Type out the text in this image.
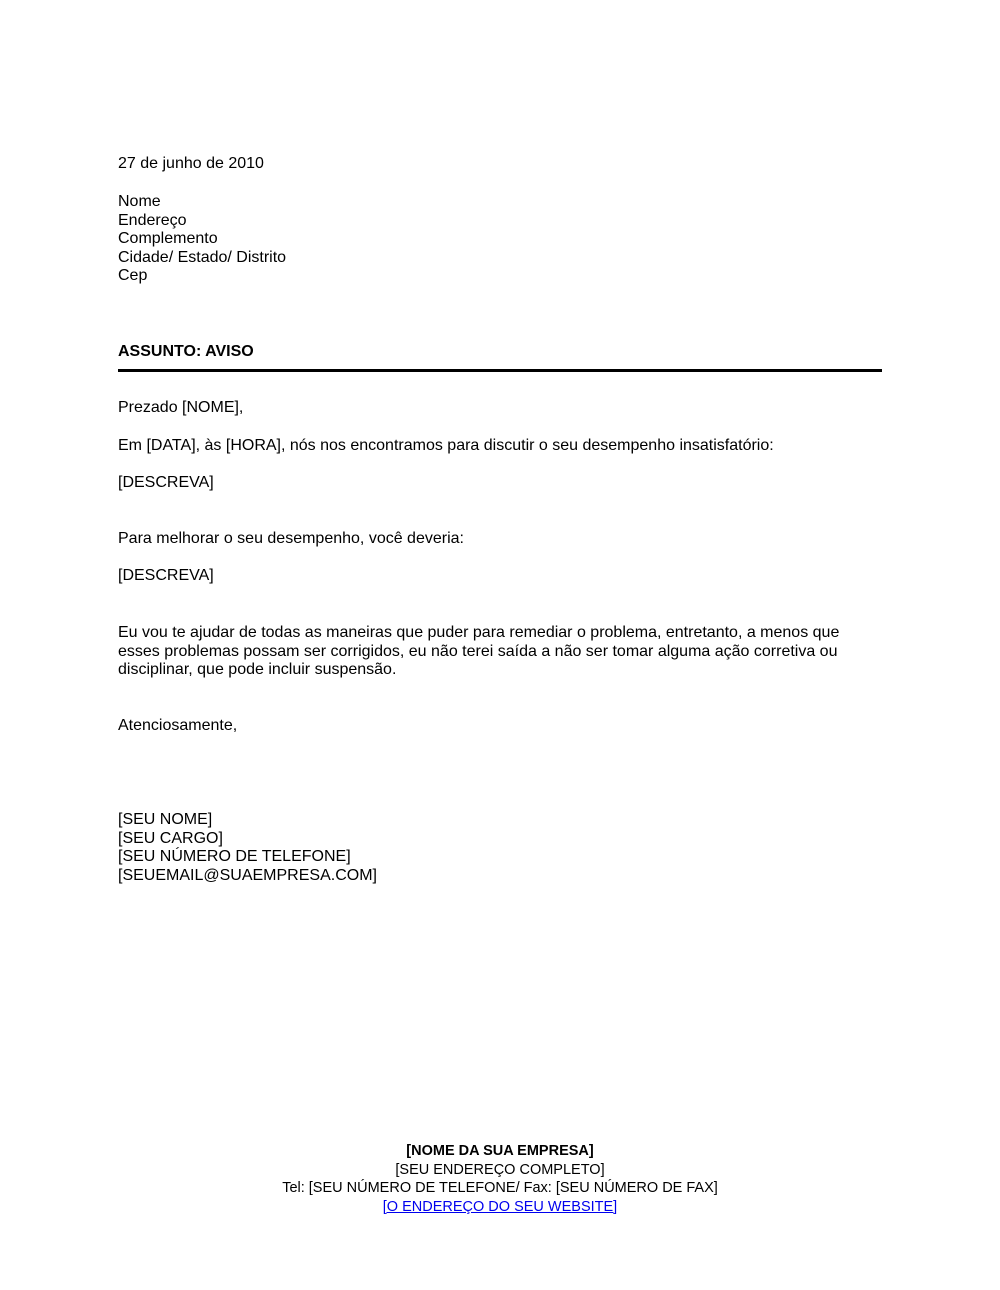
27 de junho de 2010
Nome
Endereço
Complemento
Cidade/ Estado/ Distrito
Cep
ASSUNTO: AVISO
Prezado [NOME],
Em [DATA], às [HORA], nós nos encontramos para discutir o seu desempenho insatisfatório:
[DESCREVA]
Para melhorar o seu desempenho, você deveria:
[DESCREVA]
Eu vou te ajudar de todas as maneiras que puder para remediar o problema, entretanto, a menos que
esses problemas possam ser corrigidos, eu não terei saída a não ser tomar alguma ação corretiva ou
disciplinar, que pode incluir suspensão.
Atenciosamente,
[SEU NOME]
[SEU CARGO]
[SEU NÚMERO DE TELEFONE]
[SEUEMAIL@SUAEMPRESA.COM]
[NOME DA SUA EMPRESA]
[SEU ENDEREÇO COMPLETO]
Tel: [SEU NÚMERO DE TELEFONE/ Fax: [SEU NÚMERO DE FAX]
[O ENDEREÇO DO SEU WEBSITE]
